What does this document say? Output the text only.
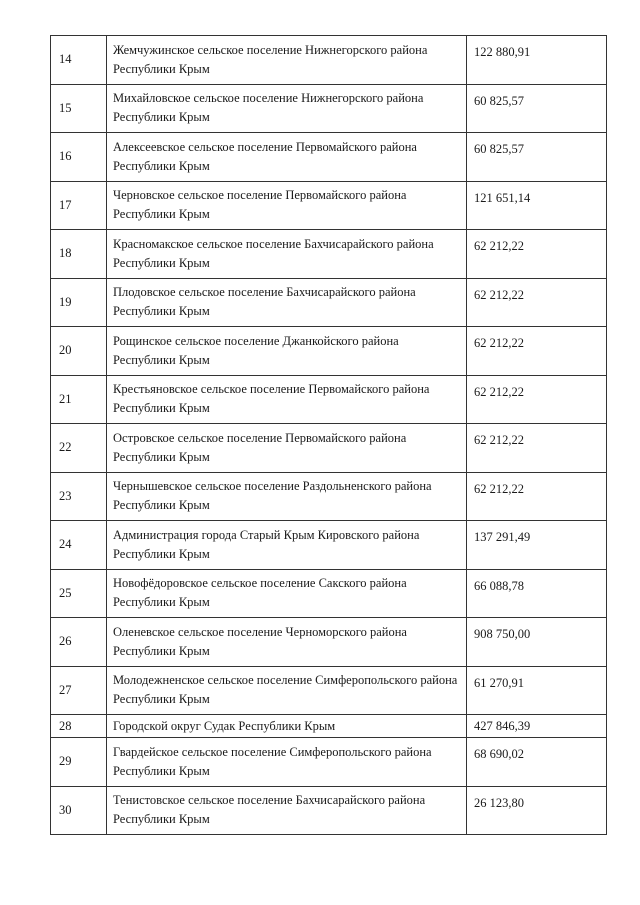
14	Жемчужинское сельское поселение Нижнегорского района Республики Крым	122 880,91
15	Михайловское сельское поселение Нижнегорского района Республики Крым	60 825,57
16	Алексеевское сельское поселение Первомайского района Республики Крым	60 825,57
17	Черновское сельское поселение Первомайского района Республики Крым	121 651,14
18	Красномакское сельское поселение Бахчисарайского района Республики Крым	62 212,22
19	Плодовское сельское поселение Бахчисарайского района Республики Крым	62 212,22
20	Рощинское сельское поселение Джанкойского района Республики Крым	62 212,22
21	Крестьяновское сельское поселение Первомайского района Республики Крым	62 212,22
22	Островское сельское поселение Первомайского района Республики Крым	62 212,22
23	Чернышевское сельское поселение Раздольненского района Республики Крым	62 212,22
24	Администрация города Старый Крым Кировского района Республики Крым	137 291,49
25	Новофёдоровское сельское поселение Сакского района Республики Крым	66 088,78
26	Оленевское сельское поселение Черноморского района Республики Крым	908 750,00
27	Молодежненское сельское поселение Симферопольского района Республики Крым	61 270,91
28	Городской округ Судак Республики Крым	427 846,39
29	Гвардейское сельское поселение Симферопольского района Республики Крым	68 690,02
30	Тенистовское сельское поселение Бахчисарайского района Республики Крым	26 123,80
